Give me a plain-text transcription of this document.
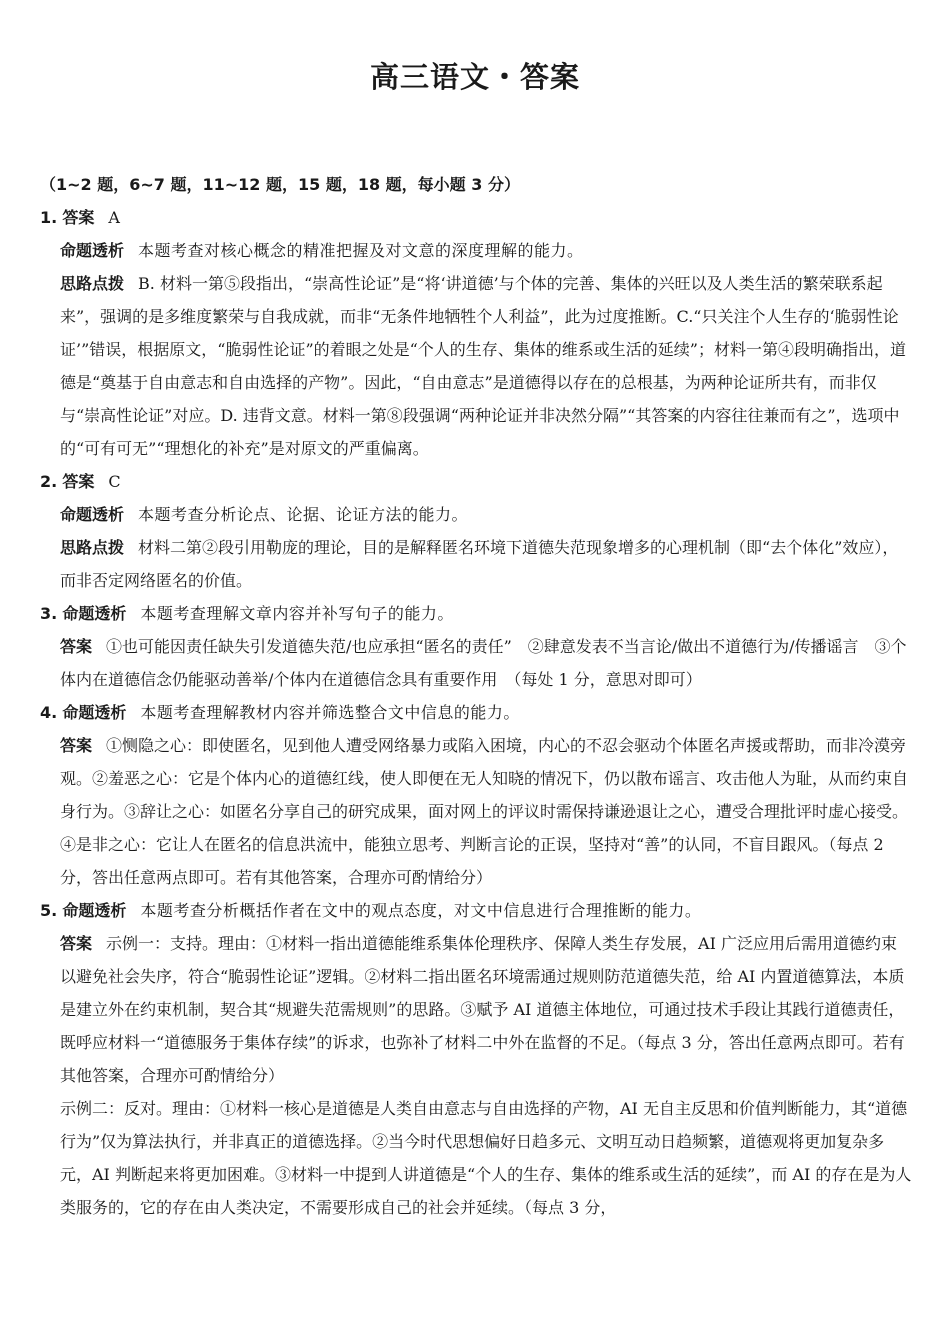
高三语文・答案

（1~2 题，6~7 题，11~12 题，15 题，18 题，每小题 3 分）

1. 答案 A

命题透析 本题考查对核心概念的精准把握及对文意的深度理解的能力。

思路点拨 B. 材料一第⑤段指出，“崇高性论证”是“将‘讲道德’与个体的完善、集体的兴旺以及人类生活的繁荣联系起来”，强调的是多维度繁荣与自我成就，而非“无条件地牺牲个人利益”，此为过度推断。C.“只关注个人生存的‘脆弱性论证’”错误，根据原文，“脆弱性论证”的着眼之处是“个人的生存、集体的维系或生活的延续”；材料一第④段明确指出，道德是“奠基于自由意志和自由选择的产物”。因此，“自由意志”是道德得以存在的总根基，为两种论证所共有，而非仅与“崇高性论证”对应。D. 违背文意。材料一第⑧段强调“两种论证并非决然分隔”“其答案的内容往往兼而有之”，选项中的“可有可无”“理想化的补充”是对原文的严重偏离。

2. 答案 C

命题透析 本题考查分析论点、论据、论证方法的能力。

思路点拨 材料二第②段引用勒庞的理论，目的是解释匿名环境下道德失范现象增多的心理机制（即“去个体化”效应），而非否定网络匿名的价值。

3. 命题透析 本题考查理解文章内容并补写句子的能力。

答案 ①也可能因责任缺失引发道德失范/也应承担“匿名的责任”　②肆意发表不当言论/做出不道德行为/传播谣言　③个体内在道德信念仍能驱动善举/个体内在道德信念具有重要作用　（每处 1 分，意思对即可）

4. 命题透析 本题考查理解教材内容并筛选整合文中信息的能力。

答案 ①恻隐之心：即使匿名，见到他人遭受网络暴力或陷入困境，内心的不忍会驱动个体匿名声援或帮助，而非冷漠旁观。②羞恶之心：它是个体内心的道德红线，使人即便在无人知晓的情况下，仍以散布谣言、攻击他人为耻，从而约束自身行为。③辞让之心：如匿名分享自己的研究成果，面对网上的评议时需保持谦逊退让之心，遭受合理批评时虚心接受。④是非之心：它让人在匿名的信息洪流中，能独立思考、判断言论的正误，坚持对“善”的认同，不盲目跟风。（每点 2 分，答出任意两点即可。若有其他答案，合理亦可酌情给分）

5. 命题透析 本题考查分析概括作者在文中的观点态度，对文中信息进行合理推断的能力。

答案 示例一：支持。理由：①材料一指出道德能维系集体伦理秩序、保障人类生存发展，AI 广泛应用后需用道德约束以避免社会失序，符合“脆弱性论证”逻辑。②材料二指出匿名环境需通过规则防范道德失范，给 AI 内置道德算法，本质是建立外在约束机制，契合其“规避失范需规则”的思路。③赋予 AI 道德主体地位，可通过技术手段让其践行道德责任，既呼应材料一“道德服务于集体存续”的诉求，也弥补了材料二中外在监督的不足。（每点 3 分，答出任意两点即可。若有其他答案，合理亦可酌情给分）

示例二：反对。理由：①材料一核心是道德是人类自由意志与自由选择的产物，AI 无自主反思和价值判断能力，其“道德行为”仅为算法执行，并非真正的道德选择。②当今时代思想偏好日趋多元、文明互动日趋频繁，道德观将更加复杂多元，AI 判断起来将更加困难。③材料一中提到人讲道德是“个人的生存、集体的维系或生活的延续”，而 AI 的存在是为人类服务的，它的存在由人类决定，不需要形成自己的社会并延续。（每点 3 分，
